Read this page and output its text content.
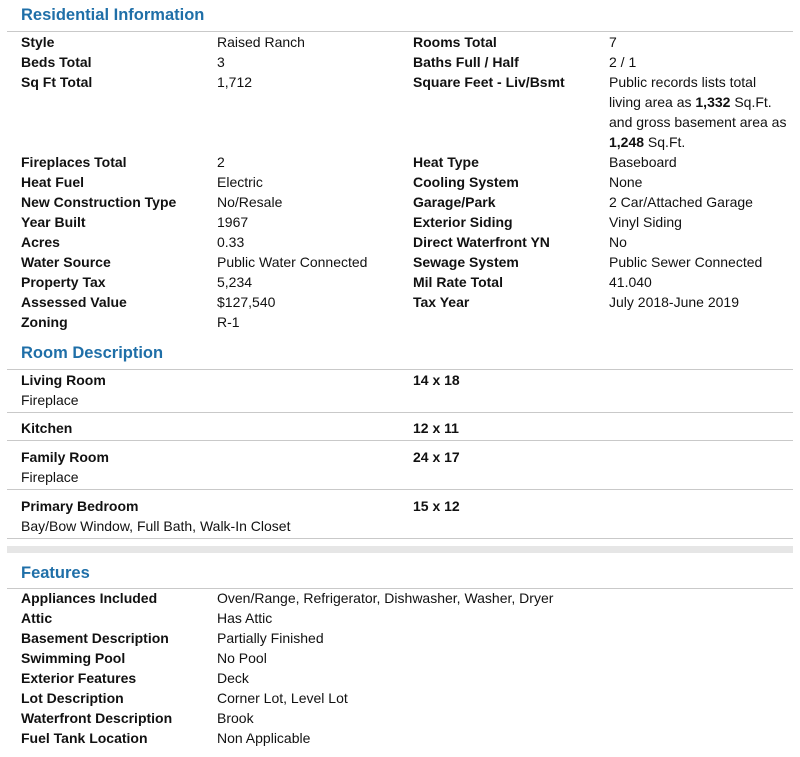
Residential Information
Style	Raised Ranch	Rooms Total	7
Beds Total	3	Baths Full / Half	2 / 1
Sq Ft Total	1,712	Square Feet - Liv/Bsmt	Public records lists total living area as 1,332 Sq.Ft. and gross basement area as 1,248 Sq.Ft.
Fireplaces Total	2	Heat Type	Baseboard
Heat Fuel	Electric	Cooling System	None
New Construction Type	No/Resale	Garage/Park	2 Car/Attached Garage
Year Built	1967	Exterior Siding	Vinyl Siding
Acres	0.33	Direct Waterfront YN	No
Water Source	Public Water Connected	Sewage System	Public Sewer Connected
Property Tax	5,234	Mil Rate Total	41.040
Assessed Value	$127,540	Tax Year	July 2018-June 2019
Zoning	R-1
Room Description
Living Room	14 x 18
Fireplace
Kitchen	12 x 11
Family Room	24 x 17
Fireplace
Primary Bedroom	15 x 12
Bay/Bow Window, Full Bath, Walk-In Closet
Features
Appliances Included	Oven/Range, Refrigerator, Dishwasher, Washer, Dryer
Attic	Has Attic
Basement Description	Partially Finished
Swimming Pool	No Pool
Exterior Features	Deck
Lot Description	Corner Lot, Level Lot
Waterfront Description	Brook
Fuel Tank Location	Non Applicable
